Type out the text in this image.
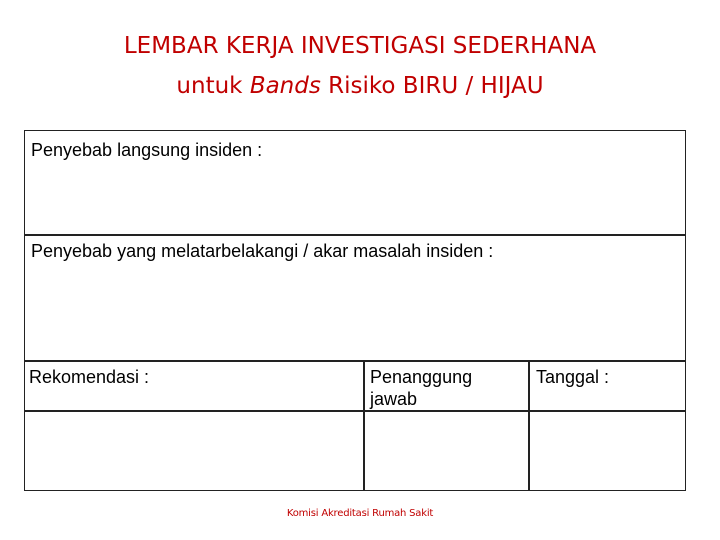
LEMBAR KERJA INVESTIGASI SEDERHANA
untuk Bands Risiko BIRU / HIJAU
Penyebab langsung insiden :
Penyebab yang melatarbelakangi / akar masalah insiden :
Rekomendasi :	Penanggung jawab
Tanggal :
Komisi Akreditasi Rumah Sakit
